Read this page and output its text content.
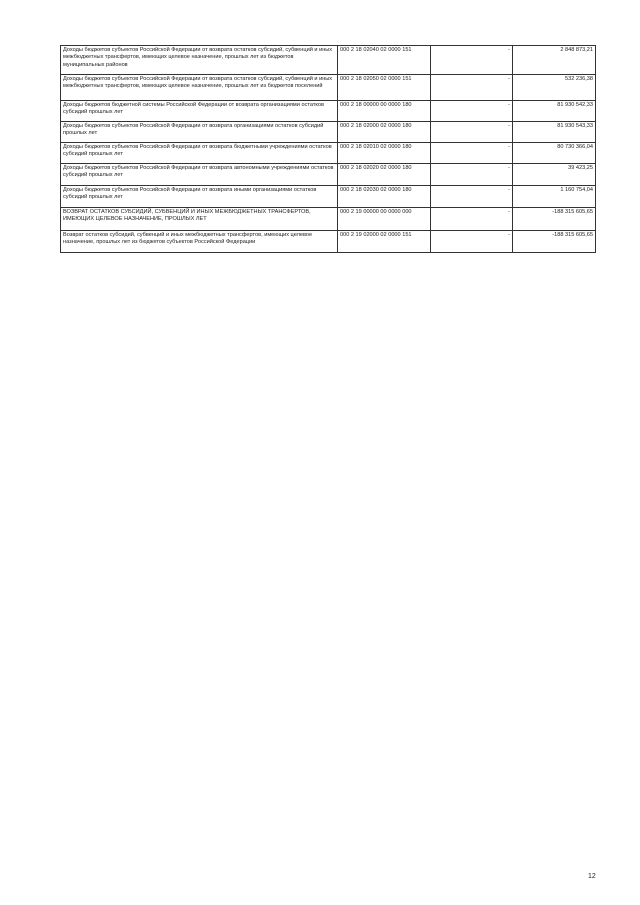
Доходы бюджетов субъектов Российской Федерации от возврата остатков субсидий, субвенций и иных межбюджетных трансфертов, имеющих целевое назначение, прошлых лет из бюджетов муниципальных районов	000 2 18 02040 02 0000 151	-	2 848 873,21
Доходы бюджетов субъектов Российской Федерации от возврата остатков субсидий, субвенций и иных межбюджетных трансфертов, имеющих целевое назначение, прошлых лет из бюджетов поселений	000 2 18 02050 02 0000 151	-	532 236,38
Доходы бюджетов бюджетной системы Российской Федерации от возврата организациями остатков субсидий прошлых лет	000 2 18 00000 00 0000 180	-	81 930 542,33
Доходы бюджетов субъектов Российской Федерации от возврата организациями остатков субсидий прошлых лет	000 2 18 02000 02 0000 180	-	81 930 543,33
Доходы бюджетов субъектов Российской Федерации от возврата бюджетными учреждениями остатков субсидий прошлых лет	000 2 18 02010 02 0000 180	-	80 730 366,04
Доходы бюджетов субъектов Российской Федерации от возврата автономными учреждениями остатков субсидий прошлых лет	000 2 18 02020 02 0000 180	-	39 423,25
Доходы бюджетов субъектов Российской Федерации от возврата иными организациями остатков субсидий прошлых лет	000 2 18 02030 02 0000 180	-	1 160 754,04
ВОЗВРАТ ОСТАТКОВ СУБСИДИЙ, СУБВЕНЦИЙ И ИНЫХ МЕЖБЮДЖЕТНЫХ ТРАНСФЕРТОВ, ИМЕЮЩИХ ЦЕЛЕВОЕ НАЗНАЧЕНИЕ, ПРОШЛЫХ ЛЕТ	000 2 19 00000 00 0000 000	-	-188 315 605,65
Возврат остатков субсидий, субвенций и иных межбюджетных трансфертов, имеющих целевое назначение, прошлых лет из бюджетов субъектов Российской Федерации	000 2 19 02000 02 0000 151	-	-188 315 605,65
12
